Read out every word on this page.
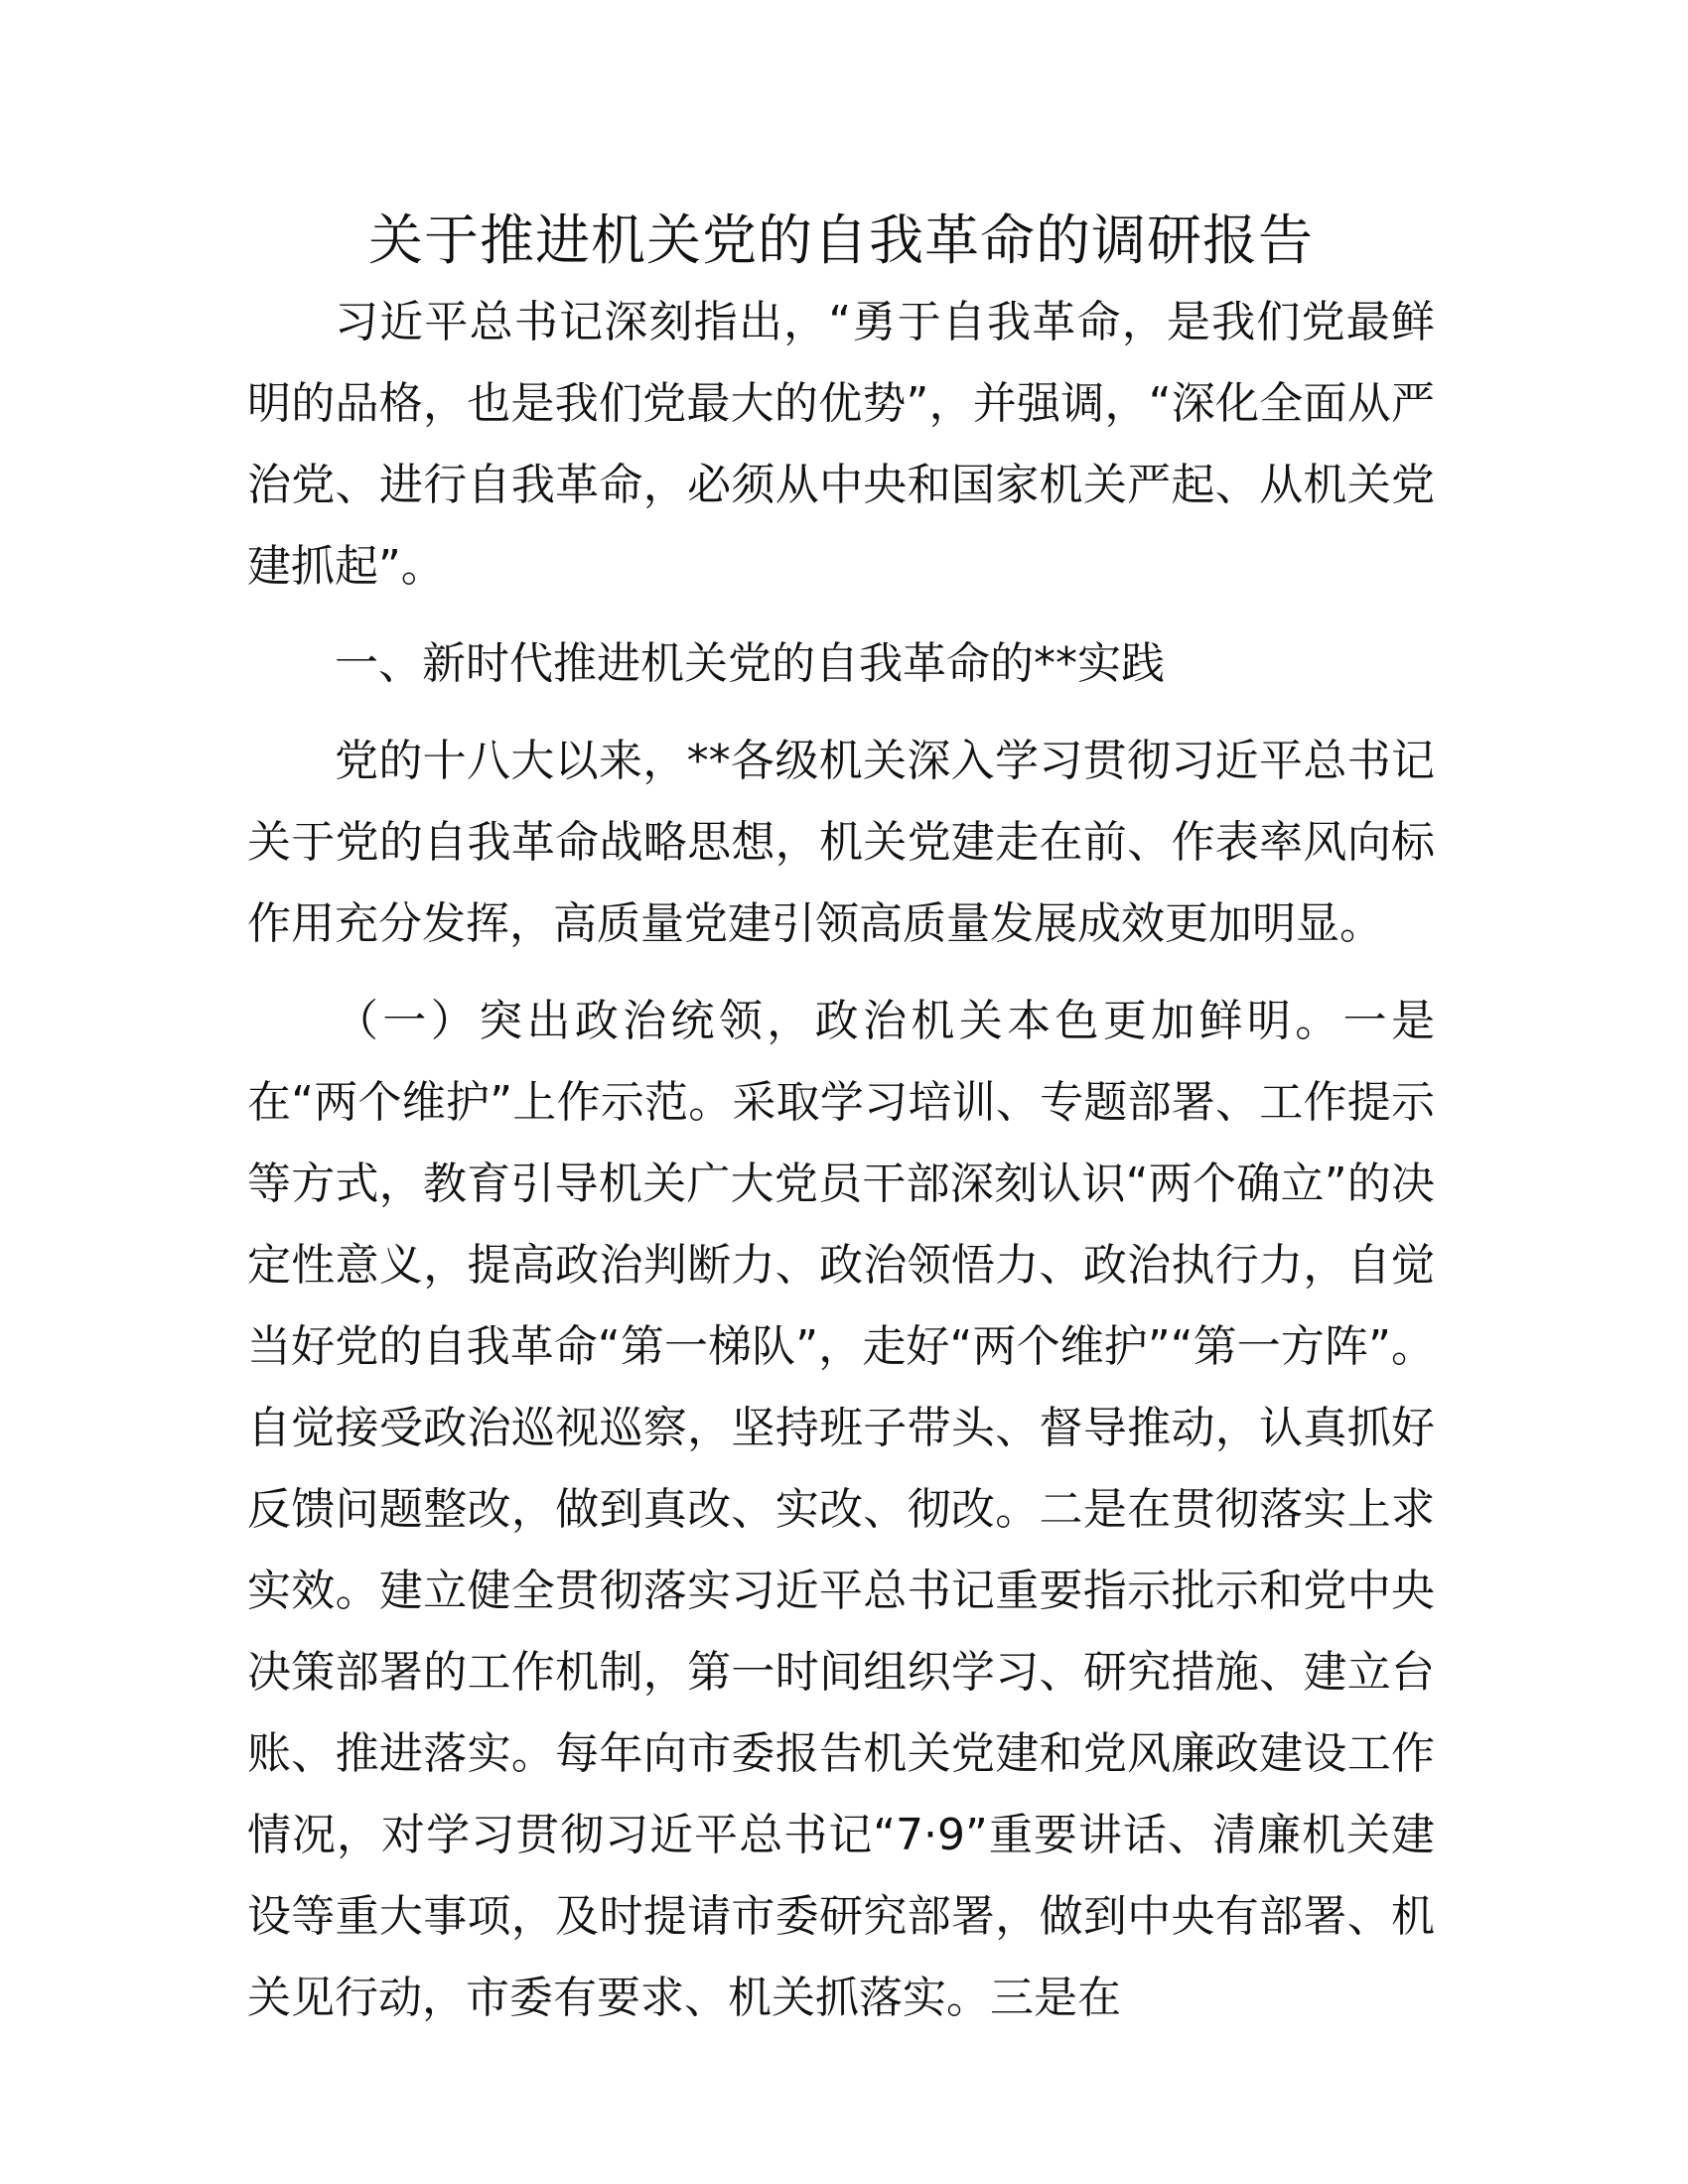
关于推进机关党的自我革命的调研报告

习近平总书记深刻指出，“勇于自我革命，是我们党最鲜明的品格，也是我们党最大的优势”，并强调，“深化全面从严治党、进行自我革命，必须从中央和国家机关严起、从机关党建抓起”。

一、新时代推进机关党的自我革命的**实践

党的十八大以来，**各级机关深入学习贯彻习近平总书记关于党的自我革命战略思想，机关党建走在前、作表率风向标作用充分发挥，高质量党建引领高质量发展成效更加明显。

（一）突出政治统领，政治机关本色更加鲜明。一是在“两个维护”上作示范。采取学习培训、专题部署、工作提示等方式，教育引导机关广大党员干部深刻认识“两个确立”的决定性意义，提高政治判断力、政治领悟力、政治执行力，自觉当好党的自我革命“第一梯队”，走好“两个维护”“第一方阵”。自觉接受政治巡视巡察，坚持班子带头、督导推动，认真抓好反馈问题整改，做到真改、实改、彻改。二是在贯彻落实上求实效。建立健全贯彻落实习近平总书记重要指示批示和党中央决策部署的工作机制，第一时间组织学习、研究措施、建立台账、推进落实。每年向市委报告机关党建和党风廉政建设工作情况，对学习贯彻习近平总书记“7·9”重要讲话、清廉机关建设等重大事项，及时提请市委研究部署，做到中央有部署、机关见行动，市委有要求、机关抓落实。三是在
